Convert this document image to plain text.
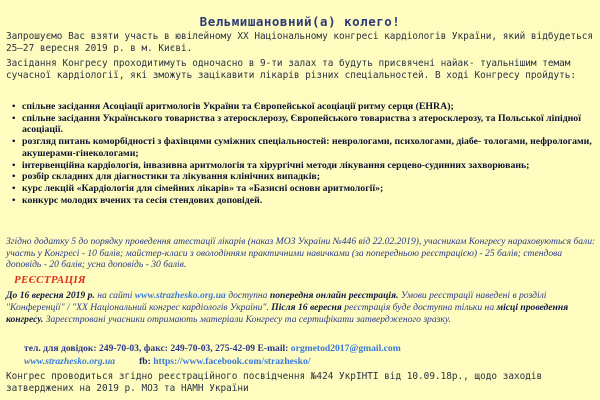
Вельмишановний(а) колего!
Запрошуємо Вас взяти участь в ювілейному ХХ Національному конгресі кардіологів України, який відбудеться 25–27 вересня 2019 р. в м. Києві.
Засідання Конгресу проходитимуть одночасно в 9-ти залах та будуть присвячені найак- туальнішим темам сучасної кардіології, які зможуть зацікавити лікарів різних спеціальностей. В ході Конгресу пройдуть:
• спільне засідання Асоціації аритмологів України та Європейської асоціації ритму серця (EHRA);
• спільне засідання Українського товариства з атеросклерозу, Європейського товариства з атеросклерозу, та Польської ліпідної асоціації.
• розгляд питань коморбідності з фахівцями суміжних спеціальностей: неврологами, психологами, діабе- тологами, нефрологами, акушерами-гінекологами;
• інтервенційна кардіологія, інвазивна аритмологія та хірургічні методи лікування серцево-судинних захворювань;
• розбір складних для діагностики та лікування клінічних випадків;
• курс лекцій «Кардіологія для сімейних лікарів» та «Базисні основи аритмології»;
• конкурс молодих вчених та сесія стендових доповідей.
Згідно додатку 5 до порядку проведення атестації лікарів (наказ МОЗ України №446 від 22.02.2019), учасникам Конгресу нараховуються бали: участь у Конгресі - 10 балів; майстер-класи з оволодінням практичними навичками (за попередньою реєстрацією) - 25 балів; стендова доповідь - 20 балів; усна доповідь - 30 балів.
РЕЄСТРАЦІЯ
До 16 вересня 2019 р. на сайті www.strazhesko.org.ua доступна попередня онлайн реєстрація. Умови реєстрації наведені в розділі "Конференції" / "ХХ Національний конгрес кардіологів України". Після 16 вересня реєстрація буде доступна тільки на місці проведення конгресу. Зареєстровані учасники отримають матеріали Конгресу та сертифікати затвердженого зразку.
тел. для довідок: 249-70-03, факс: 249-70-03, 275-42-09 E-mail: orgmetod2017@gmail.com
www.strazhesko.org.ua fb: https://www.facebook.com/strazhesko/
Конгрес проводиться згідно реєстраційного посвідчення №424 УкрІНТІ від 10.09.18р., щодо заходів затверджених на 2019 р. МОЗ та НАМН України
